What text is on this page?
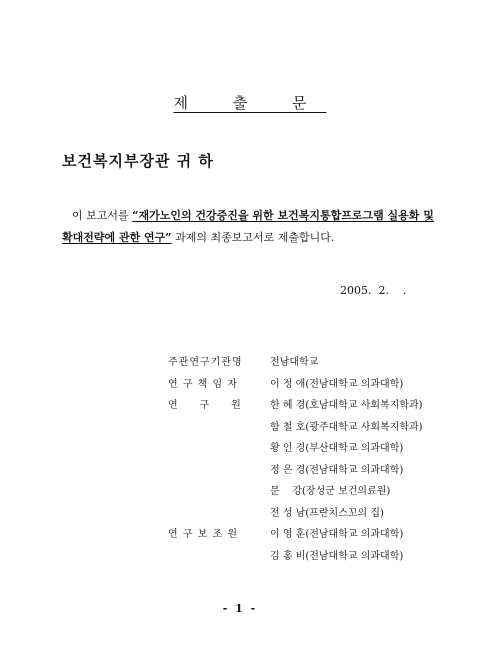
제 출 문
보건복지부장관 귀 하
이 보고서를 “재가노인의 건강증진을 위한 보건복지통합프로그램 실용화 및 확대전략에 관한 연구” 과제의 최종보고서로 제출합니다.
2005.  2.    .
주관연구기관명	전남대학교
연 구 책 임 자	이 정 애(전남대학교 의과대학)
연     구     원	한 혜 경(호남대학교 사회복지학과)
함 철 호(광주대학교 사회복지학과)
황 인 경(부산대학교 의과대학)
정 은 경(전남대학교 의과대학)
문    강(장성군 보건의료원)
전 성 남(프란치스꼬의 집)
연 구 보 조 원	이 영 훈(전남대학교 의과대학)
김 홍 비(전남대학교 의과대학)
- 1 -
